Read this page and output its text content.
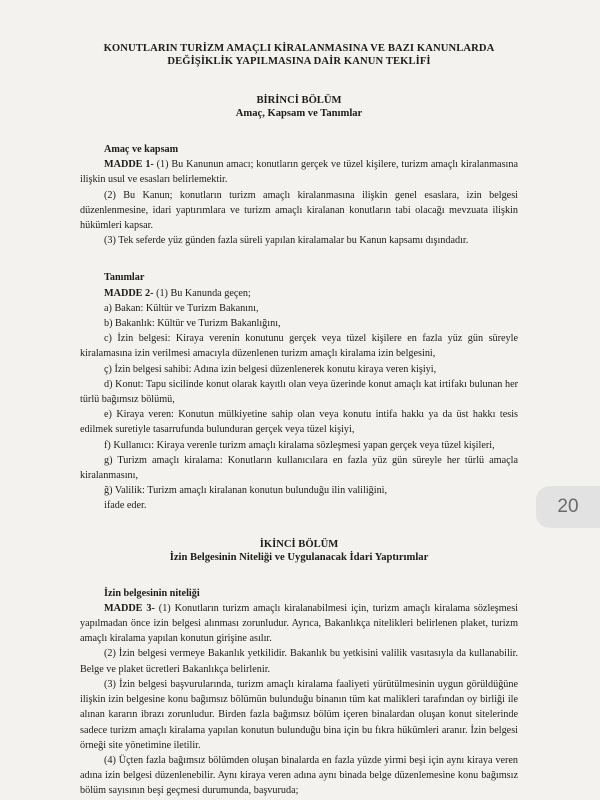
KONUTLARIN TURİZM AMAÇLI KİRALANMASINA VE BAZI KANUNLARDA
DEĞİŞİKLİK YAPILMASINA DAİR KANUN TEKLİFİ
BİRİNCİ BÖLÜM
Amaç, Kapsam ve Tanımlar
Amaç ve kapsam

MADDE 1- (1) Bu Kanunun amacı; konutların gerçek ve tüzel kişilere, turizm amaçlı kiralanmasına ilişkin usul ve esasları belirlemektir.

(2) Bu Kanun; konutların turizm amaçlı kiralanmasına ilişkin genel esaslara, izin belgesi düzenlenmesine, idari yaptırımlara ve turizm amaçlı kiralanan konutların tabi olacağı mevzuata ilişkin hükümleri kapsar.

(3) Tek seferde yüz günden fazla süreli yapılan kiralamalar bu Kanun kapsamı dışındadır.

Tanımlar

MADDE 2- (1) Bu Kanunda geçen;

a) Bakan: Kültür ve Turizm Bakanını,

b) Bakanlık: Kültür ve Turizm Bakanlığını,

c) İzin belgesi: Kiraya verenin konutunu gerçek veya tüzel kişilere en fazla yüz gün süreyle kiralamasına izin verilmesi amacıyla düzenlenen turizm amaçlı kiralama izin belgesini,

ç) İzin belgesi sahibi: Adına izin belgesi düzenlenerek konutu kiraya veren kişiyi,

d) Konut: Tapu sicilinde konut olarak kayıtlı olan veya üzerinde konut amaçlı kat irtifakı bulunan her türlü bağımsız bölümü,

e) Kiraya veren: Konutun mülkiyetine sahip olan veya konutu intifa hakkı ya da üst hakkı tesis edilmek suretiyle tasarrufunda bulunduran gerçek veya tüzel kişiyi,

f) Kullanıcı: Kiraya verenle turizm amaçlı kiralama sözleşmesi yapan gerçek veya tüzel kişileri,

g) Turizm amaçlı kiralama: Konutların kullanıcılara en fazla yüz gün süreyle her türlü amaçla kiralanmasını,

ğ) Valilik: Turizm amaçlı kiralanan konutun bulunduğu ilin valiliğini,

ifade eder.

İKİNCİ BÖLÜM
İzin Belgesinin Niteliği ve Uygulanacak İdari Yaptırımlar
İzin belgesinin niteliği

MADDE 3- (1) Konutların turizm amaçlı kiralanabilmesi için, turizm amaçlı kiralama sözleşmesi yapılmadan önce izin belgesi alınması zorunludur. Ayrıca, Bakanlıkça nitelikleri belirlenen plaket, turizm amaçlı kiralama yapılan konutun girişine asılır.

(2) İzin belgesi vermeye Bakanlık yetkilidir. Bakanlık bu yetkisini valilik vasıtasıyla da kullanabilir. Belge ve plaket ücretleri Bakanlıkça belirlenir.

(3) İzin belgesi başvurularında, turizm amaçlı kiralama faaliyeti yürütülmesinin uygun görüldüğüne ilişkin izin belgesine konu bağımsız bölümün bulunduğu binanın tüm kat malikleri tarafından oy birliği ile alınan kararın ibrazı zorunludur. Birden fazla bağımsız bölüm içeren binalardan oluşan konut sitelerinde sadece turizm amaçlı kiralama yapılan konutun bulunduğu bina için bu fıkra hükümleri aranır. İzin belgesi örneği site yönetimine iletilir.

(4) Üçten fazla bağımsız bölümden oluşan binalarda en fazla yüzde yirmi beşi için aynı kiraya veren adına izin belgesi düzenlenebilir. Aynı kiraya veren adına aynı binada belge düzenlemesine konu bağımsız bölüm sayısının beşi geçmesi durumunda, başvuruda;

20
